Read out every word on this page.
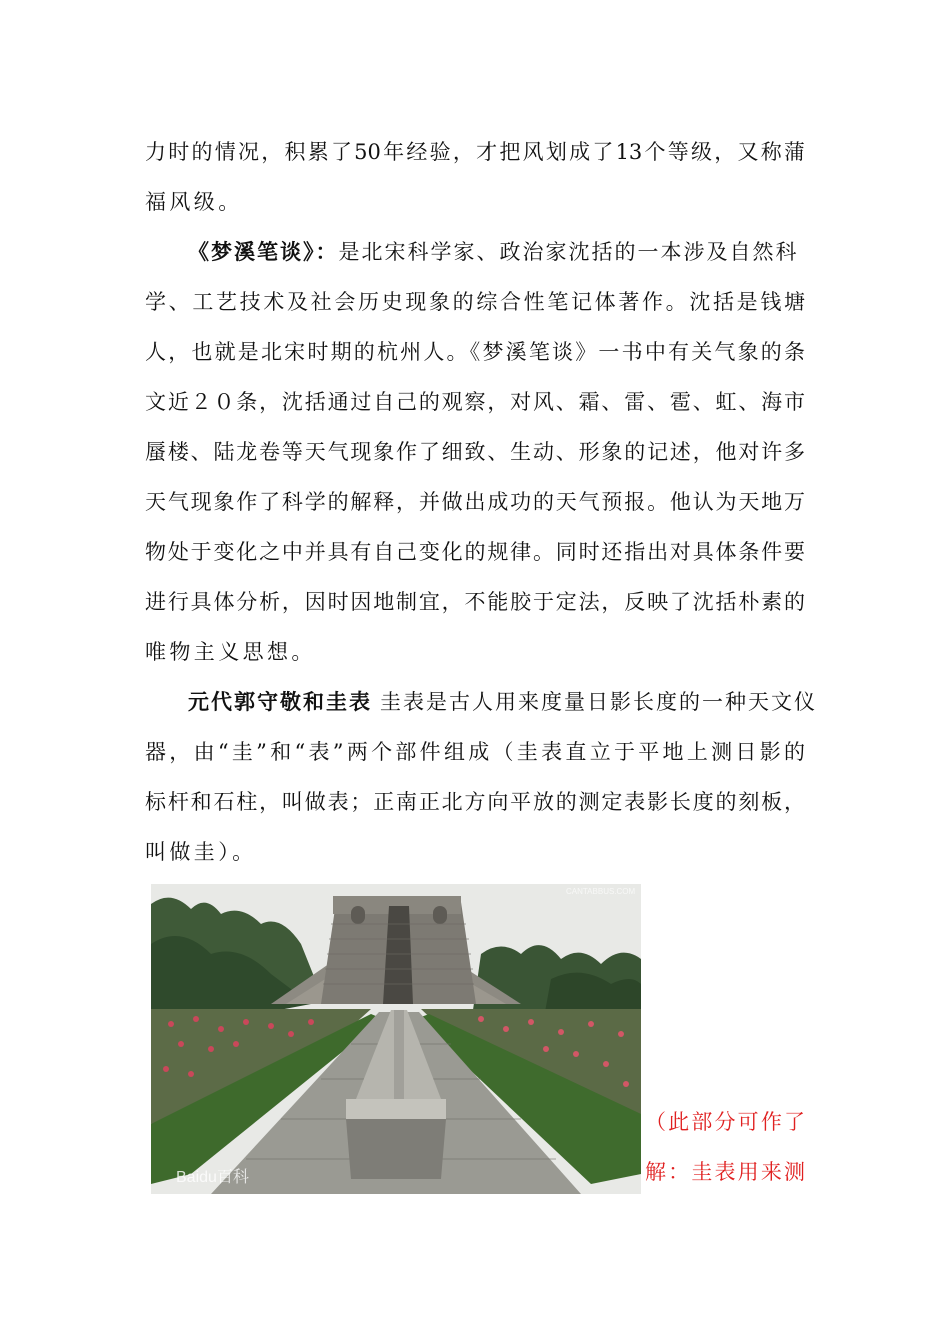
力时的情况，积累了50年经验，才把风划成了13个等级，又称蒲
福风级。
《梦溪笔谈》：是北宋科学家、政治家沈括的一本涉及自然科
学、工艺技术及社会历史现象的综合性笔记体著作。沈括是钱塘
人，也就是北宋时期的杭州人。《梦溪笔谈》一书中有关气象的条
文近２０条，沈括通过自己的观察，对风、霜、雷、雹、虹、海市
蜃楼、陆龙卷等天气现象作了细致、生动、形象的记述，他对许多
天气现象作了科学的解释，并做出成功的天气预报。他认为天地万
物处于变化之中并具有自己变化的规律。同时还指出对具体条件要
进行具体分析，因时因地制宜，不能胶于定法，反映了沈括朴素的
唯物主义思想。
元代郭守敬和圭表 圭表是古人用来度量日影长度的一种天文仪
器，由“圭”和“表”两个部件组成（圭表直立于平地上测日影的
标杆和石柱，叫做表；正南正北方向平放的测定表影长度的刻板，
叫做圭）。
Baidu百科
CANTABBUS.COM
（此部分可作了
解：圭表用来测
